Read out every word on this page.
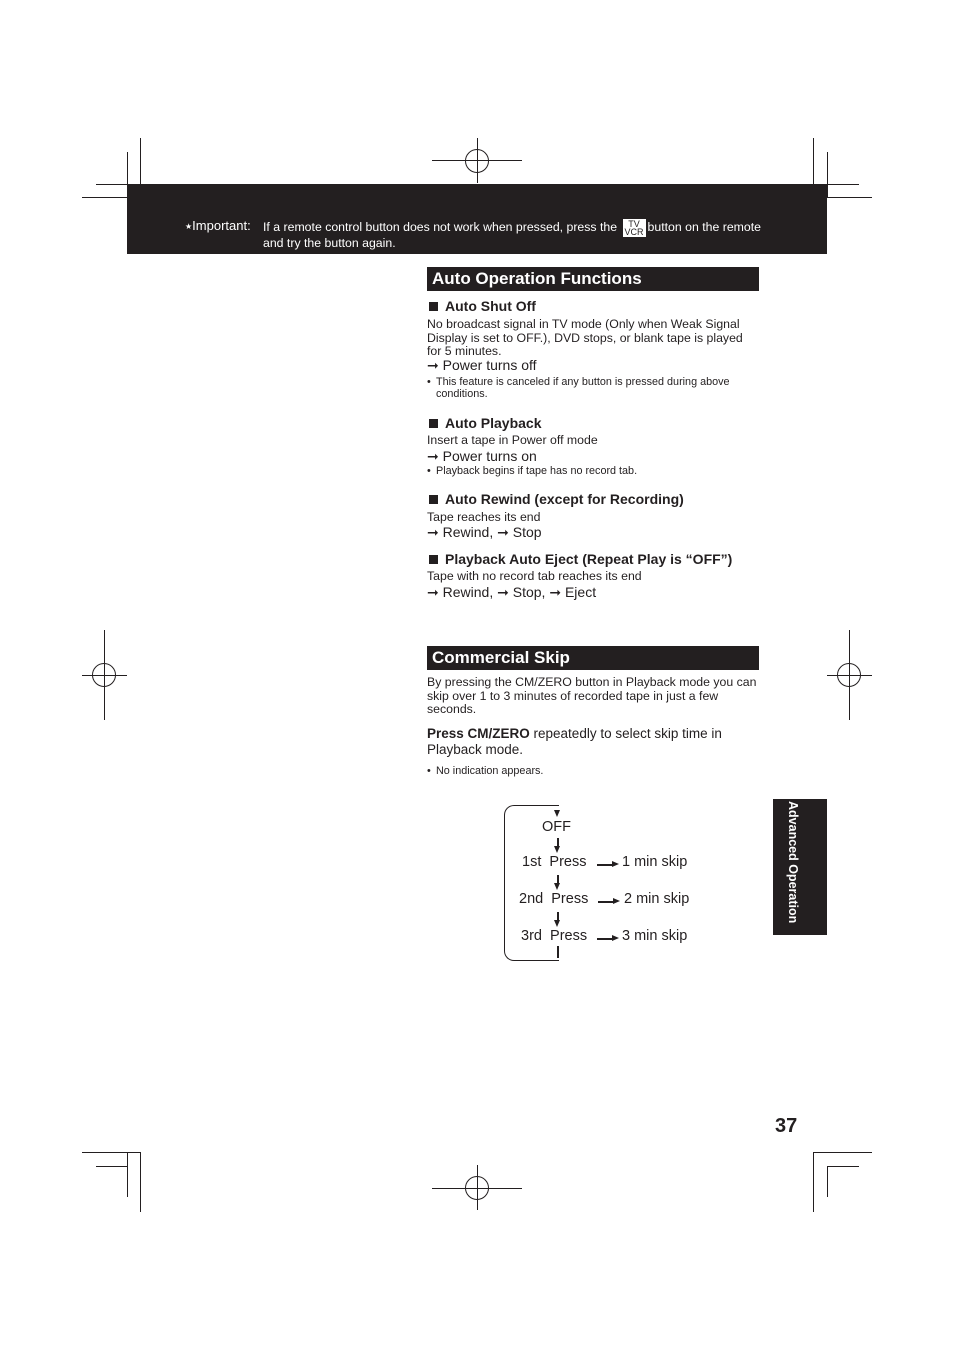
★Important: If a remote control button does not work when pressed, press the	TV
VCR button on the remote and try the button again.
Auto Operation Functions
Auto Shut Off
No broadcast signal in TV mode (Only when Weak Signal Display is set to OFF.), DVD stops, or blank tape is played for 5 minutes.
➞ Power turns off
• This feature is canceled if any button is pressed during above conditions.
Auto Playback
Insert a tape in Power off mode
➞ Power turns on
• Playback begins if tape has no record tab.
Auto Rewind (except for Recording)
Tape reaches its end
➞ Rewind, ➞ Stop
Playback Auto Eject (Repeat Play is “OFF”)
Tape with no record tab reaches its end
➞ Rewind, ➞ Stop, ➞ Eject
Commercial Skip
By pressing the CM/ZERO button in Playback mode you can skip over 1 to 3 minutes of recorded tape in just a few seconds.
Press CM/ZERO repeatedly to select skip time in Playback mode.
• No indication appears.
OFF
1st Press 1 min skip
2nd Press 2 min skip
3rd Press 3 min skip
Advanced Operation
37
